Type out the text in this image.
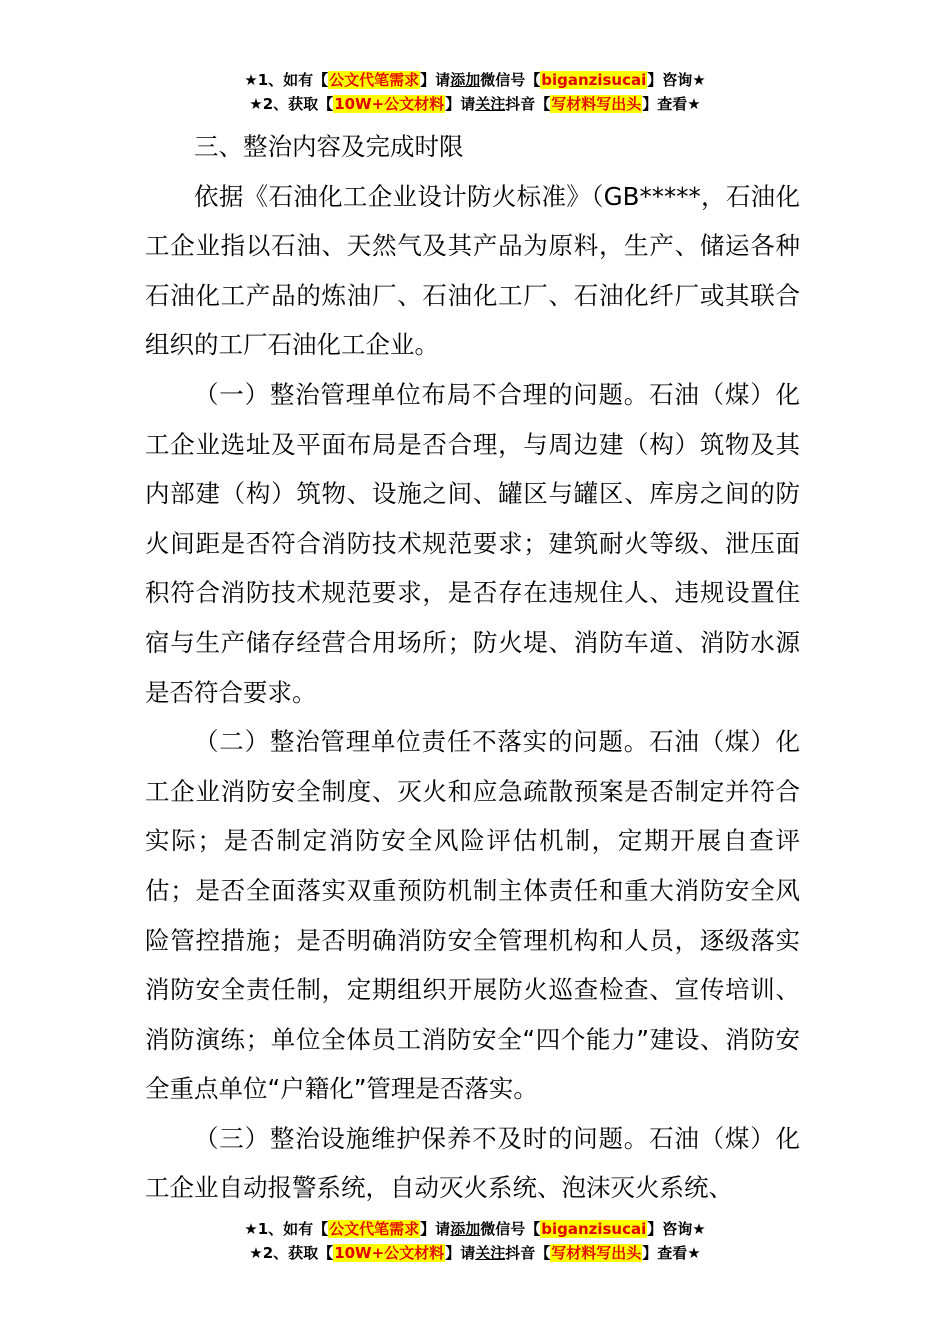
★1、如有【公文代笔需求】请添加微信号【biganzisucai】咨询★
★2、获取【10W+公文材料】请关注抖音【写材料写出头】查看★

三、整治内容及完成时限

依据《石油化工企业设计防火标准》（GB*****，石油化工企业指以石油、天然气及其产品为原料，生产、储运各种石油化工产品的炼油厂、石油化工厂、石油化纤厂或其联合组织的工厂石油化工企业。

（一）整治管理单位布局不合理的问题。石油（煤）化工企业选址及平面布局是否合理，与周边建（构）筑物及其内部建（构）筑物、设施之间、罐区与罐区、库房之间的防火间距是否符合消防技术规范要求；建筑耐火等级、泄压面积符合消防技术规范要求，是否存在违规住人、违规设置住宿与生产储存经营合用场所；防火堤、消防车道、消防水源是否符合要求。

（二）整治管理单位责任不落实的问题。石油（煤）化工企业消防安全制度、灭火和应急疏散预案是否制定并符合实际；是否制定消防安全风险评估机制，定期开展自查评估；是否全面落实双重预防机制主体责任和重大消防安全风险管控措施；是否明确消防安全管理机构和人员，逐级落实消防安全责任制，定期组织开展防火巡查检查、宣传培训、消防演练；单位全体员工消防安全“四个能力”建设、消防安全重点单位“户籍化”管理是否落实。

（三）整治设施维护保养不及时的问题。石油（煤）化工企业自动报警系统，自动灭火系统、泡沫灭火系统、

★1、如有【公文代笔需求】请添加微信号【biganzisucai】咨询★
★2、获取【10W+公文材料】请关注抖音【写材料写出头】查看★
